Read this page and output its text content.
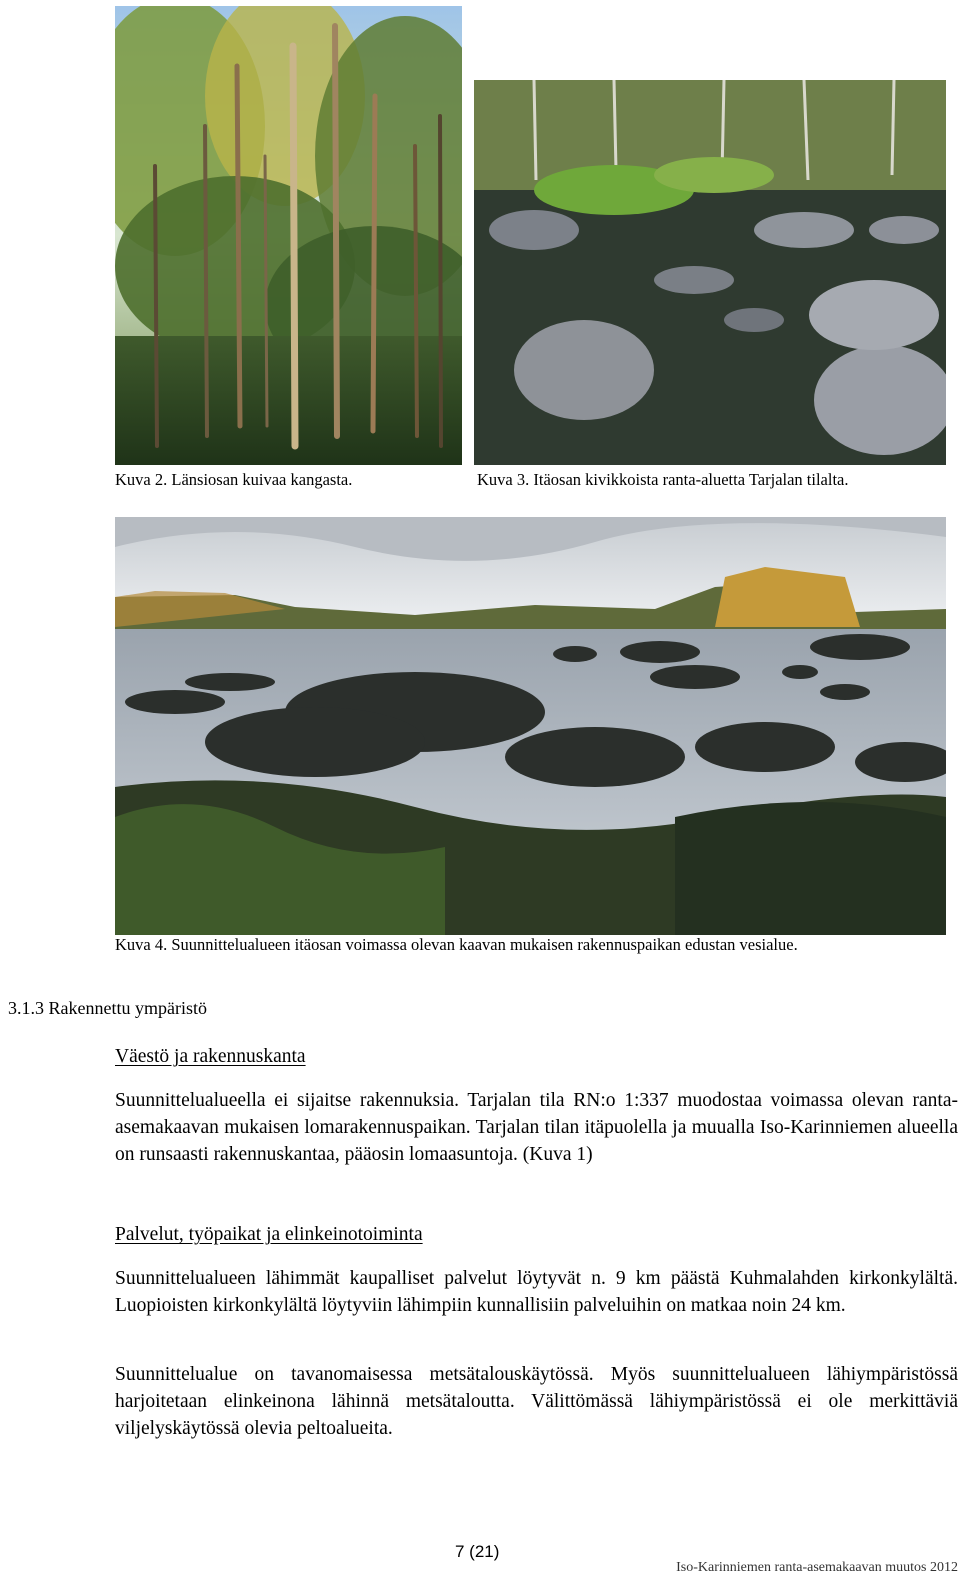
Kuva 2. Länsiosan kuivaa kangasta.	Kuva 3. Itäosan kivikkoista ranta-aluetta Tarjalan tilalta.
Kuva 4. Suunnittelualueen itäosan voimassa olevan kaavan mukaisen rakennuspaikan edustan vesialue.
3.1.3 Rakennettu ympäristö
Väestö ja rakennuskanta
Suunnittelualueella ei sijaitse rakennuksia. Tarjalan tila RN:o 1:337 muodostaa voimassa olevan ranta-asemakaavan mukaisen lomarakennuspaikan. Tarjalan tilan itäpuolella ja muualla Iso-Karinniemen alueella on runsaasti rakennuskantaa, pääosin lomaasuntoja. (Kuva 1)
Palvelut, työpaikat ja elinkeinotoiminta
Suunnittelualueen lähimmät kaupalliset palvelut löytyvät n. 9 km päästä Kuhmalahden kirkonkylältä. Luopioisten kirkonkylältä löytyviin lähimpiin kunnallisiin palveluihin on matkaa noin 24 km.
Suunnittelualue on tavanomaisessa metsätalouskäytössä. Myös suunnittelualueen lähiympäristössä harjoitetaan elinkeinona lähinnä metsätaloutta. Välittömässä lähiympäristössä ei ole merkittäviä viljelyskäytössä olevia peltoalueita.
7 (21)
Iso-Karinniemen ranta-asemakaavan muutos 2012
